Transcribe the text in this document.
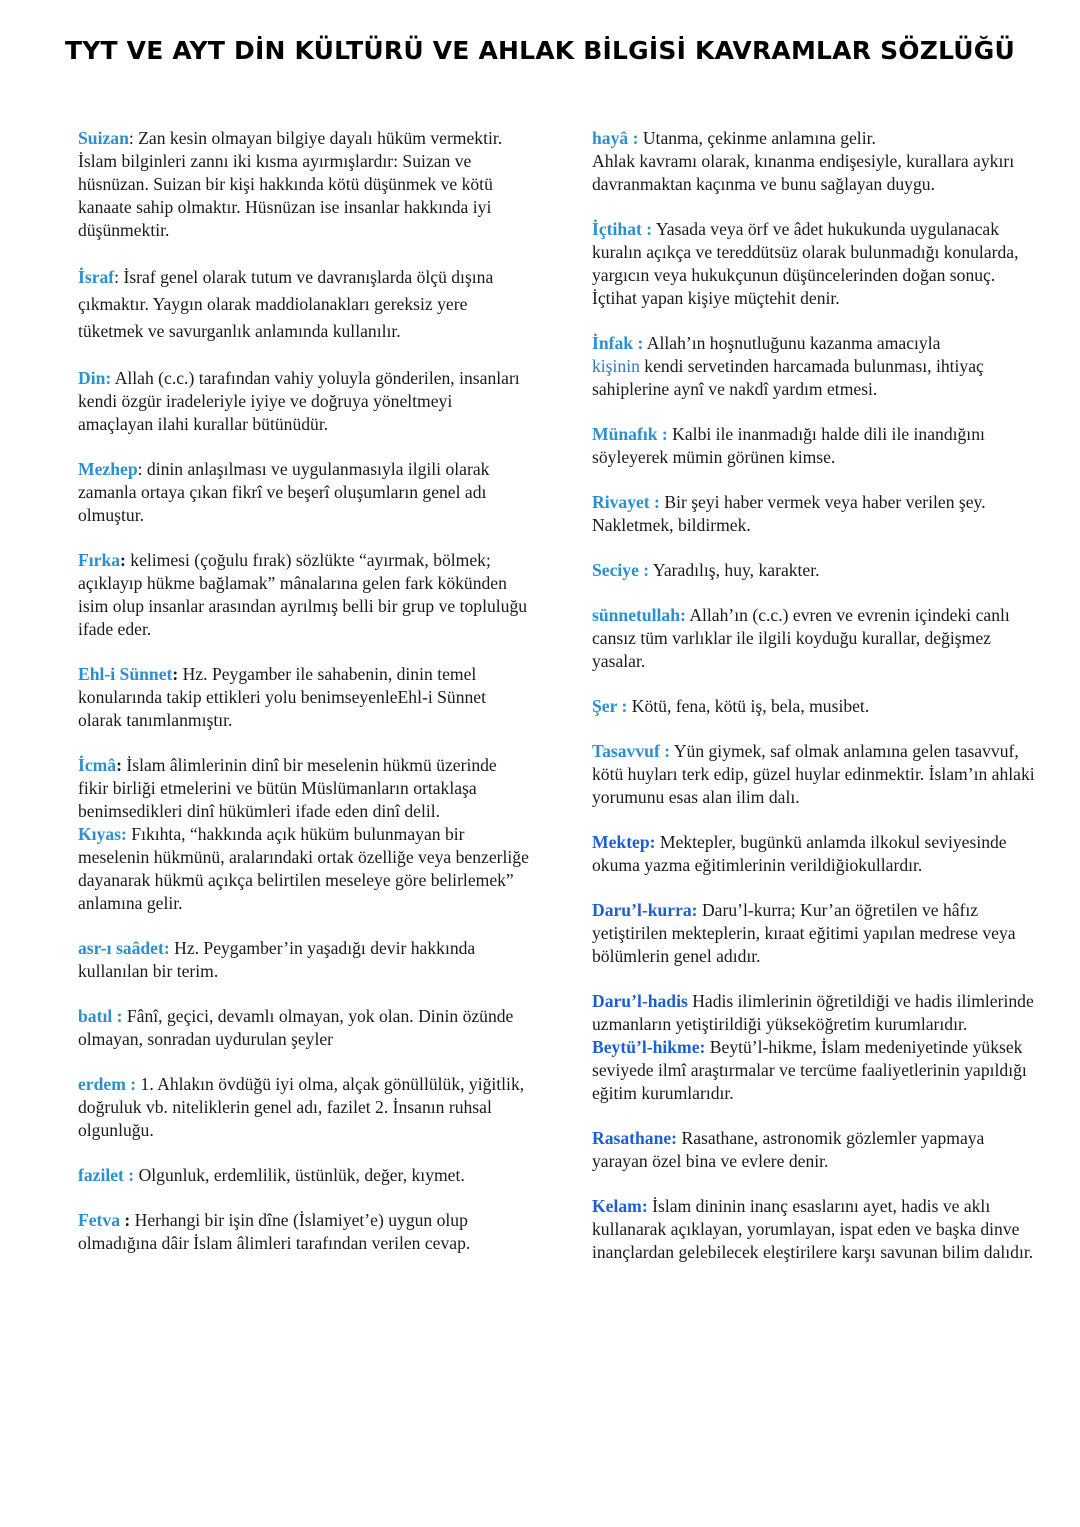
TYT VE AYT DİN KÜLTÜRÜ VE AHLAK BİLGİSİ KAVRAMLAR SÖZLÜĞÜ

Suizan: Zan kesin olmayan bilgiye dayalı hüküm vermektir. İslam bilginleri zannı iki kısma ayırmışlardır: Suizan ve hüsnüzan. Suizan bir kişi hakkında kötü düşünmek ve kötü kanaate sahip olmaktır. Hüsnüzan ise insanlar hakkında iyi düşünmektir.

İsraf: İsraf genel olarak tutum ve davranışlarda ölçü dışına çıkmaktır. Yaygın olarak maddiolanakları gereksiz yere tüketmek ve savurganlık anlamında kullanılır.

Din: Allah (c.c.) tarafından vahiy yoluyla gönderilen, insanları kendi özgür iradeleriyle iyiye ve doğruya yöneltmeyi amaçlayan ilahi kurallar bütünüdür.

Mezhep: dinin anlaşılması ve uygulanmasıyla ilgili olarak zamanla ortaya çıkan fikrî ve beşerî oluşumların genel adı olmuştur.

Fırka: kelimesi (çoğulu fırak) sözlükte “ayırmak, bölmek; açıklayıp hükme bağlamak” mânalarına gelen fark kökünden isim olup insanlar arasından ayrılmış belli bir grup ve topluluğu ifade eder.

Ehl-i Sünnet: Hz. Peygamber ile sahabenin, dinin temel konularında takip ettikleri yolu benimseyenleEhl-i Sünnet olarak tanımlanmıştır.

İcmâ: İslam âlimlerinin dinî bir meselenin hükmü üzerinde fikir birliği etmelerini ve bütün Müslümanların ortaklaşa benimsedikleri dinî hükümleri ifade eden dinî delil.

Kıyas: Fıkıhta, “hakkında açık hüküm bulunmayan bir meselenin hükmünü, aralarındaki ortak özelliğe veya benzerliğe dayanarak hükmü açıkça belirtilen meseleye göre belirlemek” anlamına gelir.

asr-ı saâdet: Hz. Peygamber’in yaşadığı devir hakkında kullanılan bir terim.

batıl : Fânî, geçici, devamlı olmayan, yok olan. Dinin özünde olmayan, sonradan uydurulan şeyler

erdem : 1. Ahlakın övdüğü iyi olma, alçak gönüllülük, yiğitlik, doğruluk vb. niteliklerin genel adı, fazilet 2. İnsanın ruhsal olgunluğu.

fazilet : Olgunluk, erdemlilik, üstünlük, değer, kıymet.

Fetva : Herhangi bir işin dîne (İslamiyet’e) uygun olup olmadığına dâir İslam âlimleri tarafından verilen cevap.

hayâ : Utanma, çekinme anlamına gelir.
Ahlak kavramı olarak, kınanma endişesiyle, kurallara aykırı davranmaktan kaçınma ve bunu sağlayan duygu.

İçtihat : Yasada veya örf ve âdet hukukunda uygulanacak kuralın açıkça ve tereddütsüz olarak bulunmadığı konularda, yargıcın veya hukukçunun düşüncelerinden doğan sonuç. İçtihat yapan kişiye müçtehit denir.

İnfak : Allah’ın hoşnutluğunu kazanma amacıyla
kişinin kendi servetinden harcamada bulunması, ihtiyaç sahiplerine aynî ve nakdî yardım etmesi.

Münafık : Kalbi ile inanmadığı halde dili ile inandığını söyleyerek mümin görünen kimse.

Rivayet : Bir şeyi haber vermek veya haber verilen şey. Nakletmek, bildirmek.

Seciye : Yaradılış, huy, karakter.

sünnetullah: Allah’ın (c.c.) evren ve evrenin içindeki canlı cansız tüm varlıklar ile ilgili koyduğu kurallar, değişmez yasalar.

Şer : Kötü, fena, kötü iş, bela, musibet.

Tasavvuf : Yün giymek, saf olmak anlamına gelen tasavvuf, kötü huyları terk edip, güzel huylar edinmektir. İslam’ın ahlaki yorumunu esas alan ilim dalı.

Mektep: Mektepler, bugünkü anlamda ilkokul seviyesinde okuma yazma eğitimlerinin verildiğiokullardır.

Daru’l-kurra: Daru’l-kurra; Kur’an öğretilen ve hâfız yetiştirilen mekteplerin, kıraat eğitimi yapılan medrese veya bölümlerin genel adıdır.

Daru’l-hadis Hadis ilimlerinin öğretildiği ve hadis ilimlerinde uzmanların yetiştirildiği yükseköğretim kurumlarıdır.

Beytü’l-hikme: Beytü’l-hikme, İslam medeniyetinde yüksek seviyede ilmî araştırmalar ve tercüme faaliyetlerinin yapıldığı eğitim kurumlarıdır.

Rasathane: Rasathane, astronomik gözlemler yapmaya yarayan özel bina ve evlere denir.

Kelam: İslam dininin inanç esaslarını ayet, hadis ve aklı kullanarak açıklayan, yorumlayan, ispat eden ve başka dinve inançlardan gelebilecek eleştirilere karşı savunan bilim dalıdır.
